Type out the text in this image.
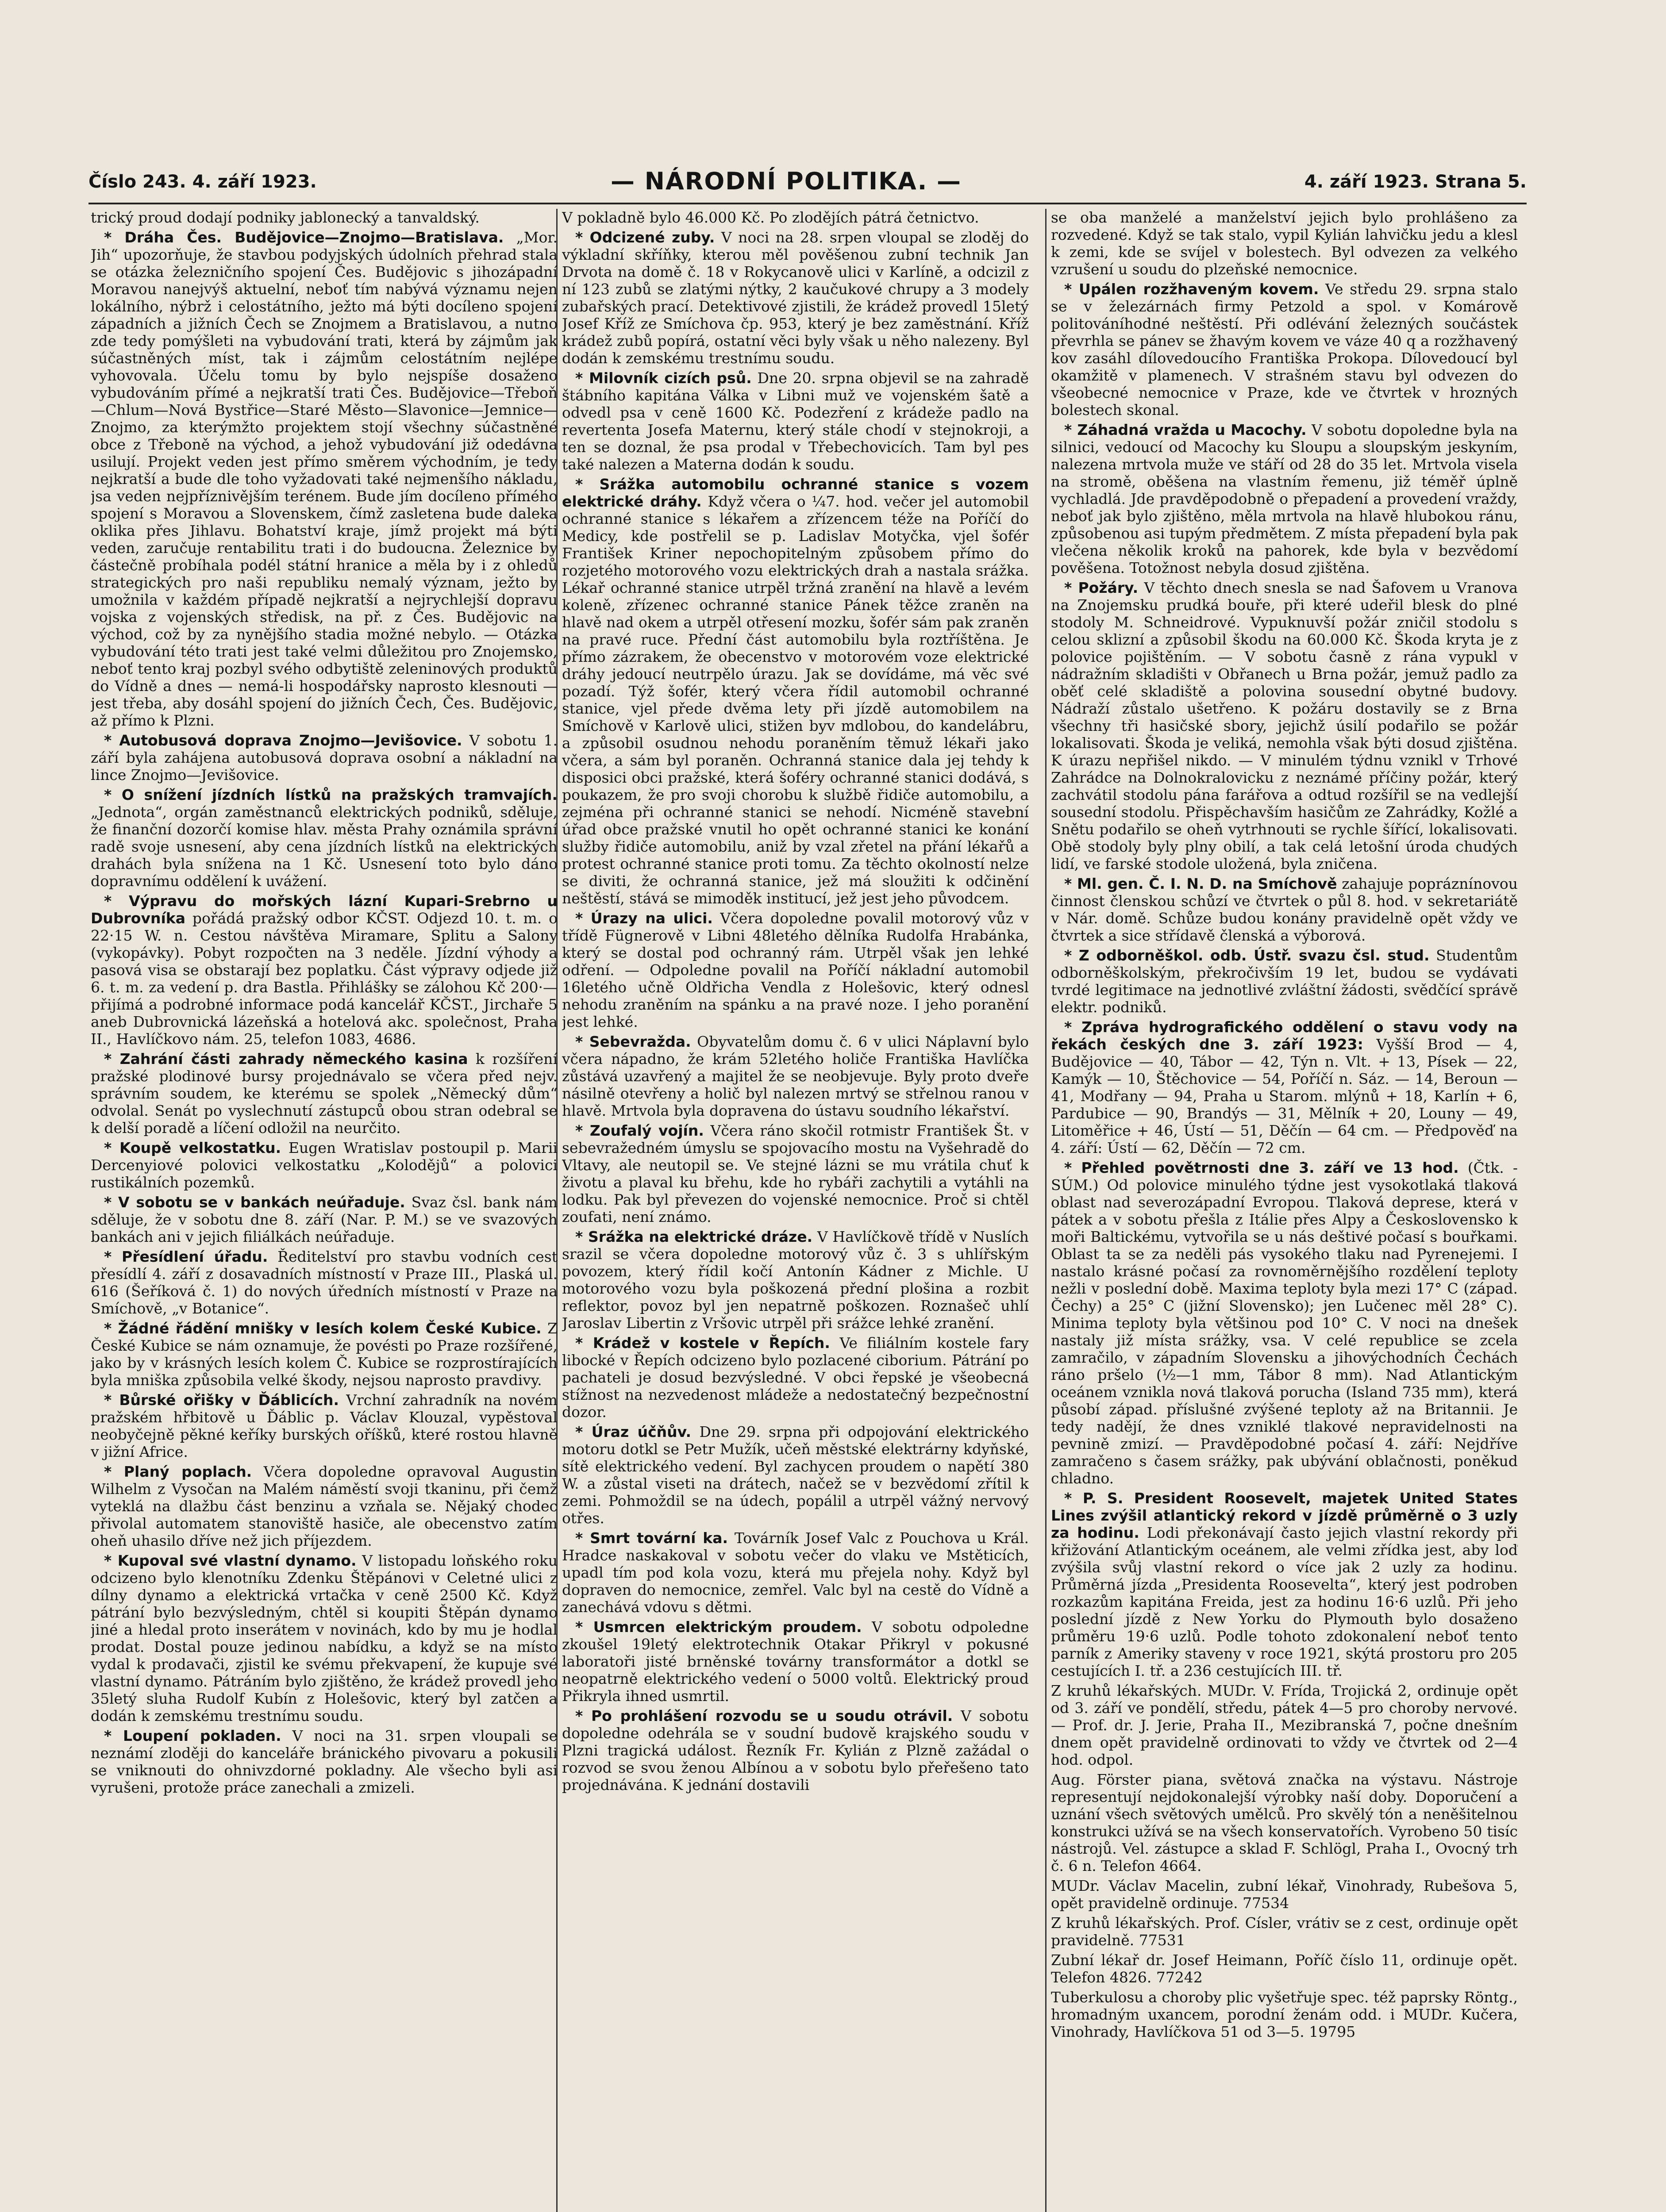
Číslo 243. 4. září 1923.	— NÁRODNÍ POLITIKA. —	4. září 1923. Strana 5.

trický proud dodají podniky jablonecký a tanvaldský.

* Dráha Čes. Budějovice—Znojmo—Bratislava. „Mor. Jih“ upozorňuje, že stavbou podyjských údolních přehrad stala se otázka železničního spojení Čes. Budějovic s jihozápadní Moravou nanejvýš aktuelní, neboť tím nabývá významu nejen lokálního, nýbrž i celostátního, ježto má býti docíleno spojení západních a jižních Čech se Znojmem a Bratislavou, a nutno zde tedy pomýšleti na vybudování trati, která by zájmům jak súčastněných míst, tak i zájmům celostátním nejlépe vyhovovala. Účelu tomu by bylo nejspíše dosaženo vybudováním přímé a nejkratší trati Čes. Budějovice—Třeboň—Chlum—Nová Bystřice—Staré Město—Slavonice—Jemnice—Znojmo, za kterýmžto projektem stojí všechny súčastněné obce z Třeboně na východ, a jehož vybudování již odedávna usilují. Projekt veden jest přímo směrem východním, je tedy nejkratší a bude dle toho vyžadovati také nejmenšího nákladu, jsa veden nejpříznivějším terénem. Bude jím docíleno přímého spojení s Moravou a Slovenskem, čímž zasletena bude dalekа oklika přes Jihlavu. Bohatství kraje, jímž projekt má býti veden, zaručuje rentabilitu trati i do budoucna. Železnice by částečně probíhala podél státní hranice a měla by i z ohledů strategických pro naši republiku nemalý význam, ježto by umožnila v každém případě nejkratší a nejrychlejší dopravu vojska z vojenských středisk, na př. z Čes. Budějovic na východ, což by za nynějšího stadia možné nebylo. — Otázka vybudování této trati jest také velmi důležitou pro Znojemsko, neboť tento kraj pozbyl svého odbytiště zeleninových produktů do Vídně a dnes — nemá-li hospodářsky naprosto klesnouti — jest třeba, aby dosáhl spojení do jižních Čech, Čes. Budějovic, až přímo k Plzni.

* Autobusová doprava Znojmo—Jevišovice. V sobotu 1. září byla zahájena autobusová doprava osobní a nákladní na lince Znojmo—Jevišovice.

* O snížení jízdních lístků na pražských tramvajích. „Jednota“, orgán zaměstnanců elektrických podniků, sděluje, že finanční dozorčí komise hlav. města Prahy oznámila správní radě svoje usnesení, aby cena jízdních lístků na elektrických drahách byla snížena na 1 Kč. Usnesení toto bylo dáno dopravnímu oddělení k uvážení.

* Výpravu do mořských lázní Kupari-Srebrno u Dubrovníka pořádá pražský odbor KČST. Odjezd 10. t. m. o 22·15 W. n. Cestou návštěva Miramare, Splitu a Salony (vykopávky). Pobyt rozpočten na 3 neděle. Jízdní výhody a pasová visa se obstarají bez poplatku. Část výpravy odjede již 6. t. m. za vedení p. dra Bastla. Přihlášky se zálohou Kč 200·— přijímá a podrobné informace podá kancelář KČST., Jirchaře 5 aneb Dubrovnická lázeňská a hotelová akc. společnost, Praha II., Havlíčkovo nám. 25, telefon 1083, 4686.

* Zahrání části zahrady německého kasina k rozšíření pražské plodinové bursy projednávalo se včera před nejv. správním soudem, ke kterému se spolek „Německý dům“ odvolal. Senát po vyslechnutí zástupců obou stran odebral se k delší poradě a líčení odložil na neurčito.

* Koupě velkostatku. Eugen Wratislav postoupil p. Marii Dercenyiové polovici velkostatku „Kolodějů“ a polovici rustikálních pozemků.

* V sobotu se v bankách neúřaduje. Svaz čsl. bank nám sděluje, že v sobotu dne 8. září (Nar. P. M.) se ve svazových bankách ani v jejich filiálkách neúřaduje.

* Přesídlení úřadu. Ředitelství pro stavbu vodních cest přesídlí 4. září z dosavadních místností v Praze III., Plaská ul. 616 (Šeříková č. 1) do nových úředních místností v Praze na Smíchově, „v Botanice“.

* Žádné řádění mnišky v lesích kolem České Kubice. Z České Kubice se nám oznamuje, že povésti po Praze rozšířené, jako by v krásných lesích kolem Č. Kubice se rozprostírajících byla mniška způsobila velké škody, nejsou naprosto pravdivy.

* Bůrské ořišky v Ďáblicích. Vrchní zahradník na novém pražském hřbitově u Ďáblic p. Václav Klouzal, vypěstoval neobyčejně pěkné keříky burských oříšků, které rostou hlavně v jižní Africe.

* Planý poplach. Včera dopoledne opravoval Augustin Wilhelm z Vysočan na Malém náměstí svoji tkaninu, při čemž vyteklá na dlažbu část benzinu a vzňala se. Nějaký chodec přivolal automatem stanoviště hasiče, ale obecenstvo zatím oheň uhasilo dříve než jich příjezdem.

* Kupoval své vlastní dynamo. V listopadu loňského roku odcizeno bylo klenotníku Zdenku Štěpánovi v Celetné ulici z dílny dynamo a elektrická vrtačka v ceně 2500 Kč. Když pátrání bylo bezvýsledným, chtěl si koupiti Štěpán dynamo jiné a hledal proto inserátem v novinách, kdo by mu je hodlal prodat. Dostal pouze jedinou nabídku, a když se na místo vydal k prodavači, zjistil ke svému překvapení, že kupuje své vlastní dynamo. Pátráním bylo zjištěno, že krádež provedl jeho 35letý sluha Rudolf Kubín z Holešovic, který byl zatčen a dodán k zemskému trestnímu soudu.

* Loupení pokladen. V noci na 31. srpen vloupali se neznámí zloději do kanceláře bránického pivovaru a pokusili se vniknouti do ohnivzdorné pokladny. Ale všecho byli asi vyrušeni, protože práce zanechali a zmizeli.

V pokladně bylo 46.000 Kč. Po zlodějích pátrá četnictvo.

* Odcizené zuby. V noci na 28. srpen vloupal se zloděj do výkladní skříňky, kterou měl pověšenou zubní technik Jan Drvota na domě č. 18 v Rokycanově ulici v Karlíně, a odcizil z ní 123 zubů se zlatými nýtky, 2 kaučukové chrupy a 3 modely zubařských prací. Detektivové zjistili, že krádež provedl 15letý Josef Kříž ze Smíchova čp. 953, který je bez zaměstnání. Kříž krádež zubů popírá, ostatní věci byly však u něho nalezeny. Byl dodán k zemskému trestnímu soudu.

* Milovník cizích psů. Dne 20. srpna objevil se na zahradě štábního kapitána Válka v Libni muž ve vojenském šatě a odvedl psa v ceně 1600 Kč. Podezření z krádeže padlo na revertenta Josefa Maternu, který stále chodí v stejnokroji, a ten se doznal, že psa prodal v Třebechovicích. Tam byl pes také nalezen a Materna dodán k soudu.

* Srážka automobilu ochranné stanice s vozem elektrické dráhy. Když včera o ¼7. hod. večer jel automobil ochranné stanice s lékařem a zřízencem téže na Poříčí do Medicy, kde postřelil se p. Ladislav Motyčka, vjel šofér František Kriner nepochopitelným způsobem přímo do rozjetého motorového vozu elektrických drah a nastala srážka. Lékař ochranné stanice utrpěl tržná zranění na hlavě a levém koleně, zřízenec ochranné stanice Pánek těžce zraněn na hlavě nad okem a utrpěl otřesení mozku, šofér sám pak zraněn na pravé ruce. Přední část automobilu byla roztříštěna. Je přímo zázrakem, že obecenstvo v motorovém voze elektrické dráhy jedoucí neutrpělo úrazu. Jak se dovídáme, má věc své pozadí. Týž šofér, který včera řídil automobil ochranné stanice, vjel přede dvěma lety při jízdě automobilem na Smíchově v Karlově ulici, stižen byv mdlobou, do kandelábru, a způsobil osudnou nehodu poraněním těmuž lékaři jako včera, a sám byl poraněn. Ochranná stanice dala jej tehdy k disposici obci pražské, která šoféry ochranné stanici dodává, s poukazem, že pro svoji chorobu k službě řidiče automobilu, a zejména při ochranné stanici se nehodí. Nicméně stavební úřad obce pražské vnutil ho opět ochranné stanici ke konání služby řidiče automobilu, aniž by vzal zřetel na přání lékařů a protest ochranné stanice proti tomu. Za těchto okolností nelze se diviti, že ochranná stanice, jež má sloužiti k odčinění neštěstí, stává se mimoděk institucí, jež jest jeho původcem.

* Úrazy na ulici. Včera dopoledne povalil motorový vůz v třídě Fügnerově v Libni 48letého dělníka Rudolfa Hrabánka, který se dostal pod ochranný rám. Utrpěl však jen lehké odření. — Odpoledne povalil na Poříčí nákladní automobil 16letého učně Oldřicha Vendla z Holešovic, který odnesl nehodu zraněním na spánku a na pravé noze. I jeho poranění jest lehké.

* Sebevražda. Obyvatelům domu č. 6 v ulici Náplavní bylo včera nápadno, že krám 52letého holiče Františka Havlíčka zůstává uzavřený a majitel že se neobjevuje. Byly proto dveře násilně otevřeny a holič byl nalezen mrtvý se střelnou ranou v hlavě. Mrtvola byla dopravena do ústavu soudního lékařství.

* Zoufalý vojín. Včera ráno skočil rotmistr František Št. v sebevražedném úmyslu se spojovacího mostu na Vyšehradě do Vltavy, ale neutopil se. Ve stejné lázni se mu vrátila chuť k životu a plaval ku břehu, kde ho rybáři zachytili a vytáhli na lodku. Pak byl převezen do vojenské nemocnice. Proč si chtěl zoufati, není známo.

* Srážka na elektrické dráze. V Havlíčkově třídě v Nuslích srazil se včera dopoledne motorový vůz č. 3 s uhlířským povozem, který řídil kočí Antonín Kádner z Michle. U motorového vozu byla poškozená přední plošina a rozbit reflektor, povoz byl jen nepatrně poškozen. Roznašeč uhlí Jaroslav Libertin z Vršovic utrpěl při srážce lehké zranění.

* Krádež v kostele v Řepích. Ve filiálním kostele fary libocké v Řepích odcizeno bylo pozlacené ciborium. Pátrání po pachateli je dosud bezvýsledné. V obci řepské je všeobecná stížnost na nezvedenost mládeže a nedostatečný bezpečnostní dozor.

* Úraz účňův. Dne 29. srpna při odpojování elektrického motoru dotkl se Petr Mužík, učeň městské elektrárny kdyňské, sítě elektrického vedení. Byl zachycen proudem o napětí 380 W. a zůstal viseti na drátech, načež se v bezvědomí zřítil k zemi. Pohmoždil se na údech, popálil a utrpěl vážný nervový otřes.

* Smrt tovární ka. Továrník Josef Valc z Pouchova u Král. Hradce naskakoval v sobotu večer do vlaku ve Mstěticích, upadl tím pod kola vozu, která mu přejela nohy. Když byl dopraven do nemocnice, zemřel. Valc byl na cestě do Vídně a zanechává vdovu s dětmi.

* Usmrcen elektrickým proudem. V sobotu odpoledne zkoušel 19letý elektrotechnik Otakar Přikryl v pokusné laboratoři jisté brněnské továrny transformátor a dotkl se neopatrně elektrického vedení o 5000 voltů. Elektrický proud Přikryla ihned usmrtil.

* Po prohlášení rozvodu se u soudu otrávil. V sobotu dopoledne odehrála se v soudní budově krajského soudu v Plzni tragická událost. Řezník Fr. Kylián z Plzně zažádal o rozvod se svou ženou Albínou a v sobotu bylo přeřešeno tato projednávána. K jednání dostavili

se oba manželé a manželství jejich bylo prohlášeno za rozvedené. Když se tak stalo, vypil Kylián lahvičku jedu a klesl k zemi, kde se svíjel v bolestech. Byl odvezen za velkého vzrušení u soudu do plzeňské nemocnice.

* Upálen rozžhaveným kovem. Ve středu 29. srpna stalo se v železárnách firmy Petzold a spol. v Komárově politováníhodné neštěstí. Při odlévání železných součástek převrhla se pánev se žhavým kovem ve váze 40 q a rozžhavený kov zasáhl dílovedoucího Františka Prokopa. Dílovedoucí byl okamžitě v plamenech. V strašném stavu byl odvezen do všeobecné nemocnice v Praze, kde ve čtvrtek v hrozných bolestech skonal.

* Záhadná vražda u Macochy. V sobotu dopoledne byla na silnici, vedoucí od Macochy ku Sloupu a sloupským jeskyním, nalezena mrtvola muže ve stáří od 28 do 35 let. Mrtvola visela na stromě, oběšena na vlastním řemenu, již téměř úplně vychladlá. Jde pravděpodobně o přepadení a provedení vraždy, neboť jak bylo zjištěno, měla mrtvola na hlavě hlubokou ránu, způsobenou asi tupým předmětem. Z místa přepadení byla pak vlečena několik kroků na pahorek, kde byla v bezvědomí pověšena. Totožnost nebyla dosud zjištěna.

* Požáry. V těchto dnech snesla se nad Šafovem u Vranova na Znojemsku prudká bouře, při které udeřil blesk do plné stodoly M. Schneidrové. Vypuknuvší požár zničil stodolu s celou sklizní a způsobil škodu na 60.000 Kč. Škoda kryta je z polovice pojištěním. — V sobotu časně z rána vypukl v nádražním skladišti v Obřanech u Brna požár, jemuž padlo za oběť celé skladiště a polovina sousední obytné budovy. Nádraží zůstalo ušetřeno. K požáru dostavily se z Brna všechny tři hasičské sbory, jejichž úsilí podařilo se požár lokalisovati. Škoda je veliká, nemohla však býti dosud zjištěna. K úrazu nepřišel nikdo. — V minulém týdnu vznikl v Trhové Zahrádce na Dolnokralovicku z neznámé příčiny požár, který zachvátil stodolu pána farářova a odtud rozšířil se na vedlejší sousední stodolu. Přispěchavším hasičům ze Zahrádky, Kožlé a Snětu podařilo se oheň vytrhnouti se rychle šířící, lokalisovati. Obě stodoly byly plny obilí, a tak celá letošní úroda chudých lidí, ve farské stodole uložená, byla zničena.

* Ml. gen. Č. I. N. D. na Smíchově zahajuje popráznínovou činnost členskou schůzí ve čtvrtek o půl 8. hod. v sekretariátě v Nár. domě. Schůze budou konány pravidelně opět vždy ve čtvrtek a sice střídavě členská a výborová.

* Z odborněškol. odb. Ústř. svazu čsl. stud. Studentům odborněškolským, překročivším 19 let, budou se vydávati tvrdé legitimace na jednotlivé zvláštní žádosti, svědčící správě elektr. podniků.

* Zpráva hydrografického oddělení o stavu vody na řekách českých dne 3. září 1923: Vyšší Brod — 4, Budějovice — 40, Tábor — 42, Týn n. Vlt. + 13, Písek — 22, Kamýk — 10, Štěchovice — 54, Poříčí n. Sáz. — 14, Beroun — 41, Modřany — 94, Praha u Starom. mlýnů + 18, Karlín + 6, Pardubice — 90, Brandýs — 31, Mělník + 20, Louny — 49, Litoměřice + 46, Ústí — 51, Děčín — 64 cm. — Předpověď na 4. září: Ústí — 62, Děčín — 72 cm.

* Přehled povětrnosti dne 3. září ve 13 hod. (Čtk. - SÚM.) Od polovice minulého týdne jest vysokotlaká tlaková oblast nad severozápadní Evropou. Tlaková deprese, která v pátek a v sobotu přešla z Itálie přes Alpy a Československo k moři Baltickému, vytvořila se u nás deštivé počasí s bouřkami. Oblast ta se za neděli pás vysokého tlaku nad Pyrenejemi. I nastalo krásné počasí za rovnoměrnějšího rozdělení teploty nežli v poslední době. Maxima teploty byla mezi 17° C (západ. Čechy) a 25° C (jižní Slovensko); jen Lučenec měl 28° C). Minima teploty byla většinou pod 10° C. V noci na dnešek nastaly již místa srážky, vsa. V celé republice se zcela zamračilo, v západním Slovensku a jihovýchodních Čechách ráno pršelo (½—1 mm, Tábor 8 mm). Nad Atlantickým oceánem vznikla nová tlaková porucha (Island 735 mm), která působí západ. příslušné zvýšené teploty až na Britannii. Je tedy nadějí, že dnes vzniklé tlakové nepravidelnosti na pevnině zmizí. — Pravděpodobné počasí 4. září: Nejdříve zamračeno s časem srážky, pak ubývání oblačnosti, poněkud chladno.

* P. S. President Roosevelt, majetek United States Lines zvýšil atlantický rekord v jízdě průměrně o 3 uzly za hodinu. Lodi překonávají často jejich vlastní rekordy při křižování Atlantickým oceánem, ale velmi zřídka jest, aby loď zvýšila svůj vlastní rekord o více jak 2 uzly za hodinu. Průměrná jízda „Presidenta Roosevelta“, který jest podroben rozkazům kapitána Freida, jest za hodinu 16·6 uzlů. Při jeho poslední jízdě z New Yorku do Plymouth bylo dosaženo průměru 19·6 uzlů. Podle tohoto zdokonalení neboť tento parník z Ameriky staveny v roce 1921, skýtá prostoru pro 205 cestujících I. tř. a 236 cestujících III. tř.

Z kruhů lékařských. MUDr. V. Frída, Trojická 2, ordinuje opět od 3. září ve pondělí, středu, pátek 4—5 pro choroby nervové. — Prof. dr. J. Jerie, Praha II., Mezibranská 7, počne dnešním dnem opět pravidelně ordinovati to vždy ve čtvrtek od 2—4 hod. odpol.

Aug. Förster piana, světová značka na výstavu. Nástroje representují nejdokonalejší výrobky naší doby. Doporučení a uznání všech světových umělců. Pro skvělý tón a neněšitelnou konstrukci užívá se na všech konservatořích. Vyrobeno 50 tisíc nástrojů. Vel. zástupce a sklad F. Schlögl, Praha I., Ovocný trh č. 6 n. Telefon 4664.

MUDr. Václav Macelin, zubní lékař, Vinohrady, Rubešova 5, opět pravidelně ordinuje. 77534

Z kruhů lékařských. Prof. Císler, vrátiv se z cest, ordinuje opět pravidelně. 77531

Zubní lékař dr. Josef Heimann, Poříč číslo 11, ordinuje opět. Telefon 4826. 77242

Tuberkulosu a choroby plic vyšetřuje spec. též paprsky Röntg., hromadným uxancem, porodní ženám odd. i MUDr. Kučera, Vinohrady, Havlíčkova 51 od 3—5. 19795
